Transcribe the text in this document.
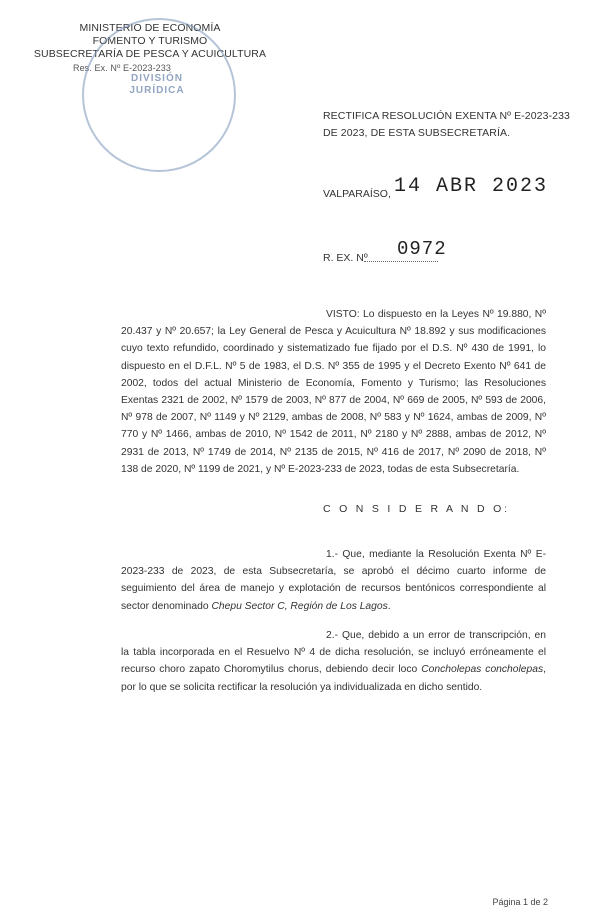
MINISTERIO DE ECONOMÍA
FOMENTO Y TURISMO
SUBSECRETARÍA DE PESCA Y ACUICULTURA
Res. Ex. Nº E-2023-233
DIVISIÓN
JURÍDICA
RECTIFICA RESOLUCIÓN EXENTA Nº E-2023-233
DE 2023, DE ESTA SUBSECRETARÍA.
VALPARAÍSO, 14 ABR 2023
R. EX. Nº 0972

VISTO: Lo dispuesto en la Leyes Nº 19.880, Nº 20.437 y Nº 20.657; la Ley General de Pesca y Acuicultura Nº 18.892 y sus modificaciones cuyo texto refundido, coordinado y sistematizado fue fijado por el D.S. Nº 430 de 1991, lo dispuesto en el D.F.L. Nº 5 de 1983, el D.S. Nº 355 de 1995 y el Decreto Exento Nº 641 de 2002, todos del actual Ministerio de Economía, Fomento y Turismo; las Resoluciones Exentas 2321 de 2002, Nº 1579 de 2003, Nº 877 de 2004, Nº 669 de 2005, Nº 593 de 2006, Nº 978 de 2007, Nº 1149 y Nº 2129, ambas de 2008, Nº 583 y Nº 1624, ambas de 2009, Nº 770 y Nº 1466, ambas de 2010, Nº 1542 de 2011, Nº 2180 y Nº 2888, ambas de 2012, Nº 2931 de 2013, Nº 1749 de 2014, Nº 2135 de 2015, Nº 416 de 2017, Nº 2090 de 2018, Nº 138 de 2020, Nº 1199 de 2021, y Nº E-2023-233 de 2023, todas de esta Subsecretaría.

C O N S I D E R A N D O:

1.- Que, mediante la Resolución Exenta Nº E-2023-233 de 2023, de esta Subsecretaría, se aprobó el décimo cuarto informe de seguimiento del área de manejo y explotación de recursos bentónicos correspondiente al sector denominado Chepu Sector C, Región de Los Lagos.

2.- Que, debido a un error de transcripción, en la tabla incorporada en el Resuelvo Nº 4 de dicha resolución, se incluyó erróneamente el recurso choro zapato Choromytilus chorus, debiendo decir loco Concholepas concholepas, por lo que se solicita rectificar la resolución ya individualizada en dicho sentido.

Página 1 de 2
